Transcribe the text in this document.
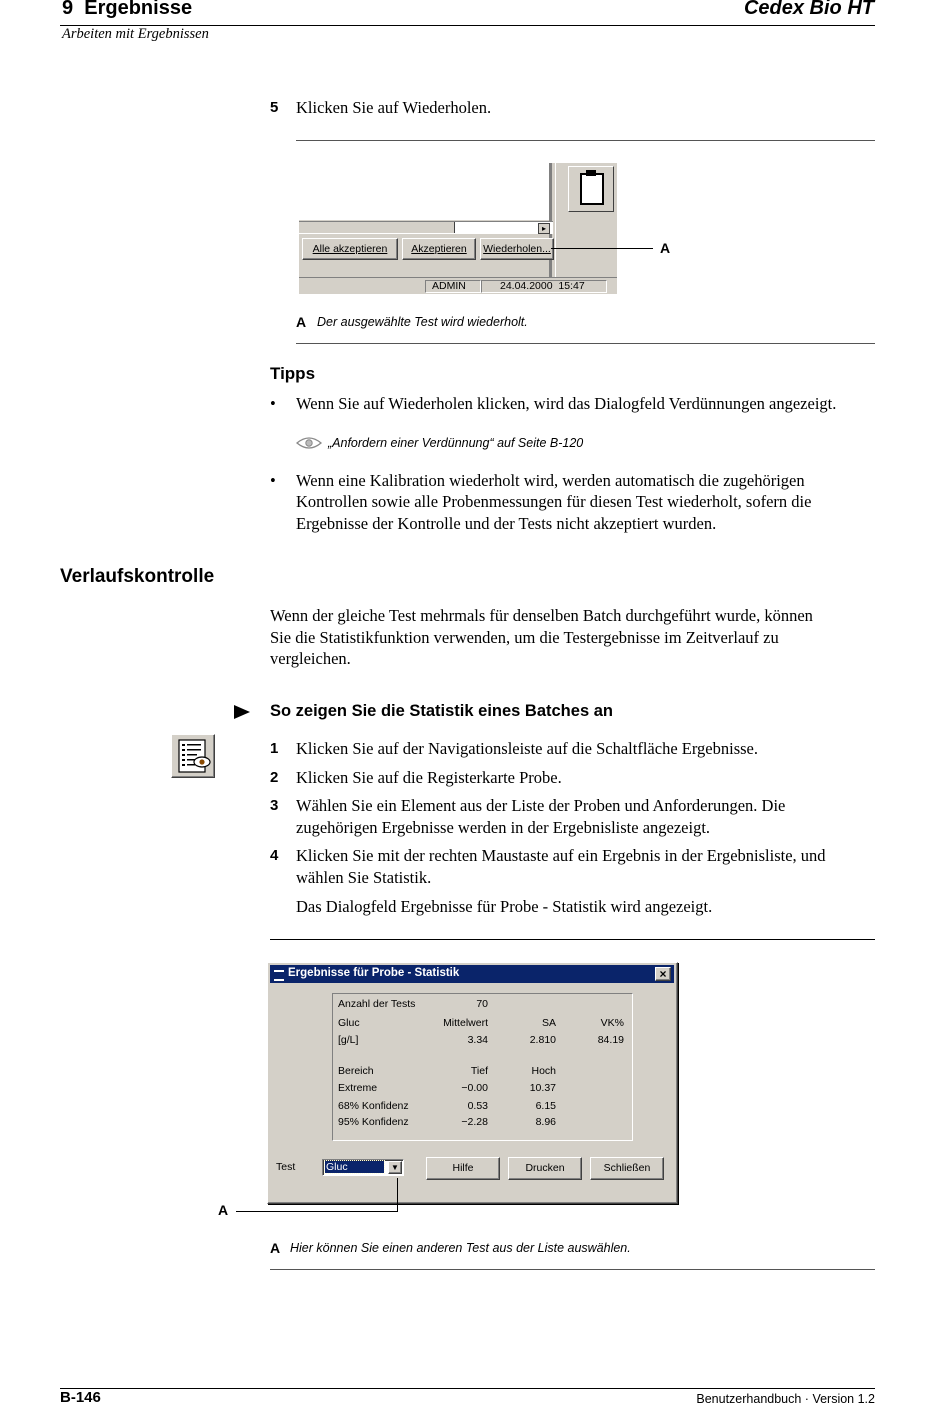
9 Ergebnisse	Cedex Bio HT
Arbeiten mit Ergebnissen
5 Klicken Sie auf Wiederholen.
▸
Alle akzeptieren	Akzeptieren	Wiederholen...
ADMIN	24.04.2000  15:47
A
A Der ausgewählte Test wird wiederholt.
Tipps
• Wenn Sie auf Wiederholen klicken, wird das Dialogfeld Verdünnungen angezeigt.
„Anfordern einer Verdünnung“ auf Seite B-120
• Wenn eine Kalibration wiederholt wird, werden automatisch die zugehörigen
Kontrollen sowie alle Probenmessungen für diesen Test wiederholt, sofern die
Ergebnisse der Kontrolle und der Tests nicht akzeptiert wurden.
Verlaufskontrolle
Wenn der gleiche Test mehrmals für denselben Batch durchgeführt wurde, können
Sie die Statistikfunktion verwenden, um die Testergebnisse im Zeitverlauf zu
vergleichen.
So zeigen Sie die Statistik eines Batches an
1 Klicken Sie auf der Navigationsleiste auf die Schaltfläche Ergebnisse.
2 Klicken Sie auf die Registerkarte Probe.
3 Wählen Sie ein Element aus der Liste der Proben und Anforderungen. Die
zugehörigen Ergebnisse werden in der Ergebnisliste angezeigt.
4 Klicken Sie mit der rechten Maustaste auf ein Ergebnis in der Ergebnisliste, und
wählen Sie Statistik.
Das Dialogfeld Ergebnisse für Probe - Statistik wird angezeigt.
Ergebnisse für Probe - Statistik	×
Anzahl der Tests	70
Gluc	Mittelwert	SA	VK%
[g/L]	3.34	2.810	84.19
Bereich	Tief	Hoch
Extreme	−0.00	10.37
68% Konfidenz	0.53	6.15
95% Konfidenz	−2.28	8.96
Test	Gluc	▼	Hilfe	Drucken	Schließen
A
A Hier können Sie einen anderen Test aus der Liste auswählen.
B-146	Benutzerhandbuch · Version 1.2
